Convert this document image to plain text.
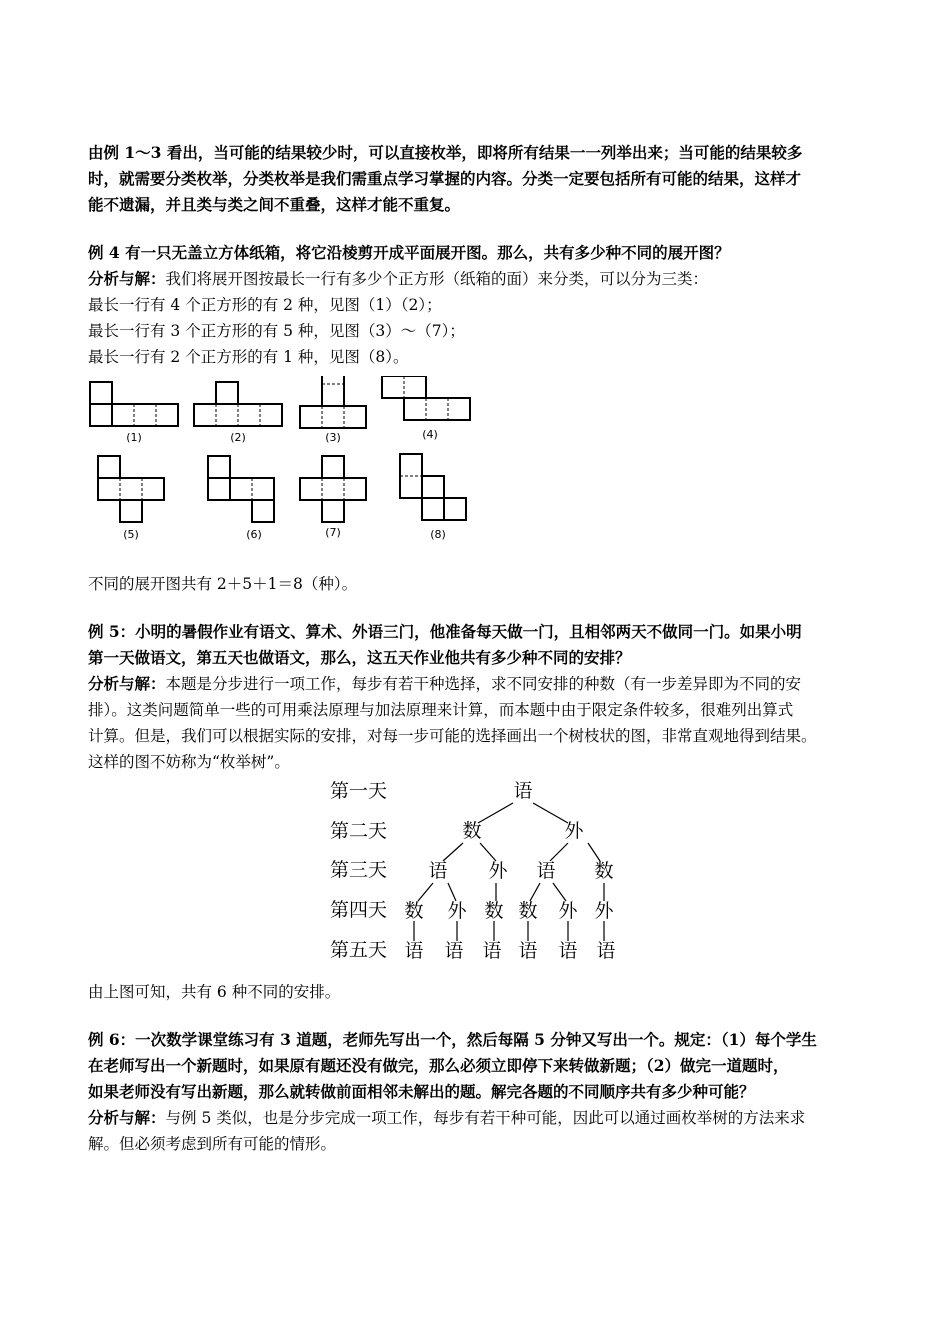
由例 1～3 看出，当可能的结果较少时，可以直接枚举，即将所有结果一一列举出来；当可能的结果较多

时，就需要分类枚举，分类枚举是我们需重点学习掌握的内容。分类一定要包括所有可能的结果，这样才

能不遗漏，并且类与类之间不重叠，这样才能不重复。

例 4 有一只无盖立方体纸箱，将它沿棱剪开成平面展开图。那么，共有多少种不同的展开图？

分析与解：我们将展开图按最长一行有多少个正方形（纸箱的面）来分类，可以分为三类：

最长一行有 4 个正方形的有 2 种，见图（1）（2）；

最长一行有 3 个正方形的有 5 种，见图（3）～（7）；

最长一行有 2 个正方形的有 1 种，见图（8）。

(1)	(2)	(3)	(4)
(5)	(6)	(7)	(8)

不同的展开图共有 2＋5＋1＝8（种）。

例 5：小明的暑假作业有语文、算术、外语三门，他准备每天做一门，且相邻两天不做同一门。如果小明

第一天做语文，第五天也做语文，那么，这五天作业他共有多少种不同的安排？

分析与解：本题是分步进行一项工作，每步有若干种选择，求不同安排的种数（有一步差异即为不同的安

排）。这类问题简单一些的可用乘法原理与加法原理来计算，而本题中由于限定条件较多，很难列出算式

计算。但是，我们可以根据实际的安排，对每一步可能的选择画出一个树枝状的图，非常直观地得到结果。

这样的图不妨称为“枚举树”。

第一天
第二天
第三天
第四天
第五天
语
数	外
语 外 语 数
数 外 数 数 外 外
语 语 语 语 语 语

由上图可知，共有 6 种不同的安排。

例 6：一次数学课堂练习有 3 道题，老师先写出一个，然后每隔 5 分钟又写出一个。规定：（1）每个学生

在老师写出一个新题时，如果原有题还没有做完，那么必须立即停下来转做新题；（2）做完一道题时，

如果老师没有写出新题，那么就转做前面相邻未解出的题。解完各题的不同顺序共有多少种可能？

分析与解：与例 5 类似，也是分步完成一项工作，每步有若干种可能，因此可以通过画枚举树的方法来求

解。但必须考虑到所有可能的情形。
